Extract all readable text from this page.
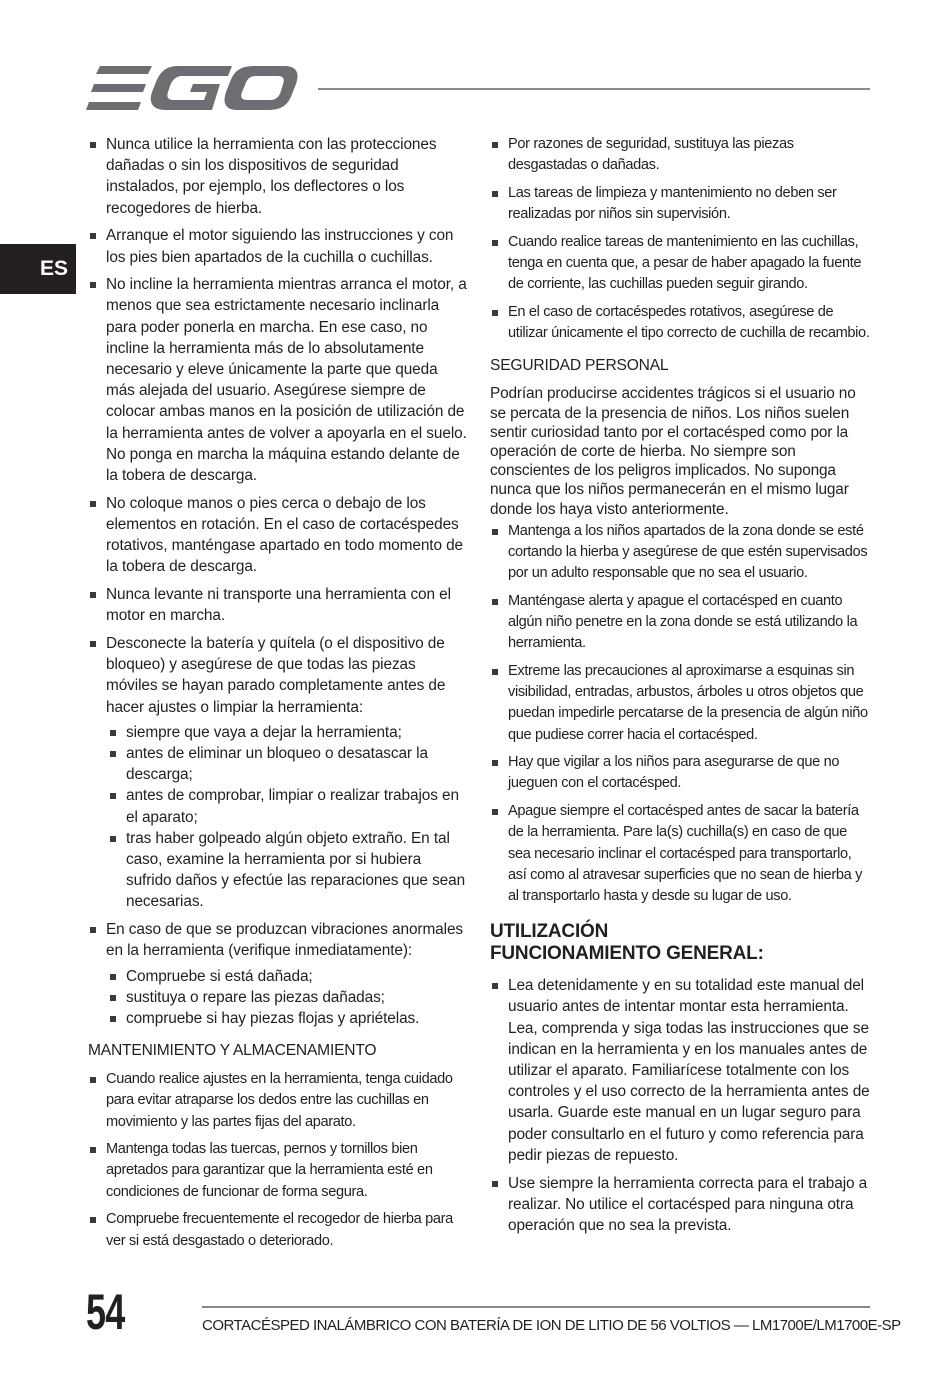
ES
Nunca utilice la herramienta con las protecciones dañadas o sin los dispositivos de seguridad instalados, por ejemplo, los deflectores o los recogedores de hierba.
Arranque el motor siguiendo las instrucciones y con los pies bien apartados de la cuchilla o cuchillas.
No incline la herramienta mientras arranca el motor, a menos que sea estrictamente necesario inclinarla para poder ponerla en marcha. En ese caso, no incline la herramienta más de lo absolutamente necesario y eleve únicamente la parte que queda más alejada del usuario. Asegúrese siempre de colocar ambas manos en la posición de utilización de la herramienta antes de volver a apoyarla en el suelo. No ponga en marcha la máquina estando delante de la tobera de descarga.
No coloque manos o pies cerca o debajo de los elementos en rotación. En el caso de cortacéspedes rotativos, manténgase apartado en todo momento de la tobera de descarga.
Nunca levante ni transporte una herramienta con el motor en marcha.
Desconecte la batería y quítela (o el dispositivo de bloqueo) y asegúrese de que todas las piezas móviles se hayan parado completamente antes de hacer ajustes o limpiar la herramienta:
siempre que vaya a dejar la herramienta;
antes de eliminar un bloqueo o desatascar la descarga;
antes de comprobar, limpiar o realizar trabajos en el aparato;
tras haber golpeado algún objeto extraño. En tal caso, examine la herramienta por si hubiera sufrido daños y efectúe las reparaciones que sean necesarias.
En caso de que se produzcan vibraciones anormales en la herramienta (verifique inmediatamente):
Compruebe si está dañada;
sustituya o repare las piezas dañadas;
compruebe si hay piezas flojas y apriételas.
MANTENIMIENTO Y ALMACENAMIENTO
Cuando realice ajustes en la herramienta, tenga cuidado para evitar atraparse los dedos entre las cuchillas en movimiento y las partes fijas del aparato.
Mantenga todas las tuercas, pernos y tornillos bien apretados para garantizar que la herramienta esté en condiciones de funcionar de forma segura.
Compruebe frecuentemente el recogedor de hierba para ver si está desgastado o deteriorado.
Por razones de seguridad, sustituya las piezas desgastadas o dañadas.
Las tareas de limpieza y mantenimiento no deben ser realizadas por niños sin supervisión.
Cuando realice tareas de mantenimiento en las cuchillas, tenga en cuenta que, a pesar de haber apagado la fuente de corriente, las cuchillas pueden seguir girando.
En el caso de cortacéspedes rotativos, asegúrese de utilizar únicamente el tipo correcto de cuchilla de recambio.
SEGURIDAD PERSONAL

Podrían producirse accidentes trágicos si el usuario no se percata de la presencia de niños. Los niños suelen sentir curiosidad tanto por el cortacésped como por la operación de corte de hierba. No siempre son conscientes de los peligros implicados. No suponga nunca que los niños permanecerán en el mismo lugar donde los haya visto anteriormente.

Mantenga a los niños apartados de la zona donde se esté cortando la hierba y asegúrese de que estén supervisados por un adulto responsable que no sea el usuario.
Manténgase alerta y apague el cortacésped en cuanto algún niño penetre en la zona donde se está utilizando la herramienta.
Extreme las precauciones al aproximarse a esquinas sin visibilidad, entradas, arbustos, árboles u otros objetos que puedan impedirle percatarse de la presencia de algún niño que pudiese correr hacia el cortacésped.
Hay que vigilar a los niños para asegurarse de que no jueguen con el cortacésped.
Apague siempre el cortacésped antes de sacar la batería de la herramienta. Pare la(s) cuchilla(s) en caso de que sea necesario inclinar el cortacésped para transportarlo, así como al atravesar superficies que no sean de hierba y al transportarlo hasta y desde su lugar de uso.
UTILIZACIÓN
FUNCIONAMIENTO GENERAL:
Lea detenidamente y en su totalidad este manual del usuario antes de intentar montar esta herramienta. Lea, comprenda y siga todas las instrucciones que se indican en la herramienta y en los manuales antes de utilizar el aparato. Familiarícese totalmente con los controles y el uso correcto de la herramienta antes de usarla. Guarde este manual en un lugar seguro para poder consultarlo en el futuro y como referencia para pedir piezas de repuesto.
Use siempre la herramienta correcta para el trabajo a realizar. No utilice el cortacésped para ninguna otra operación que no sea la prevista.
54	CORTACÉSPED INALÁMBRICO CON BATERÍA DE ION DE LITIO DE 56 VOLTIOS — LM1700E/LM1700E-SP
